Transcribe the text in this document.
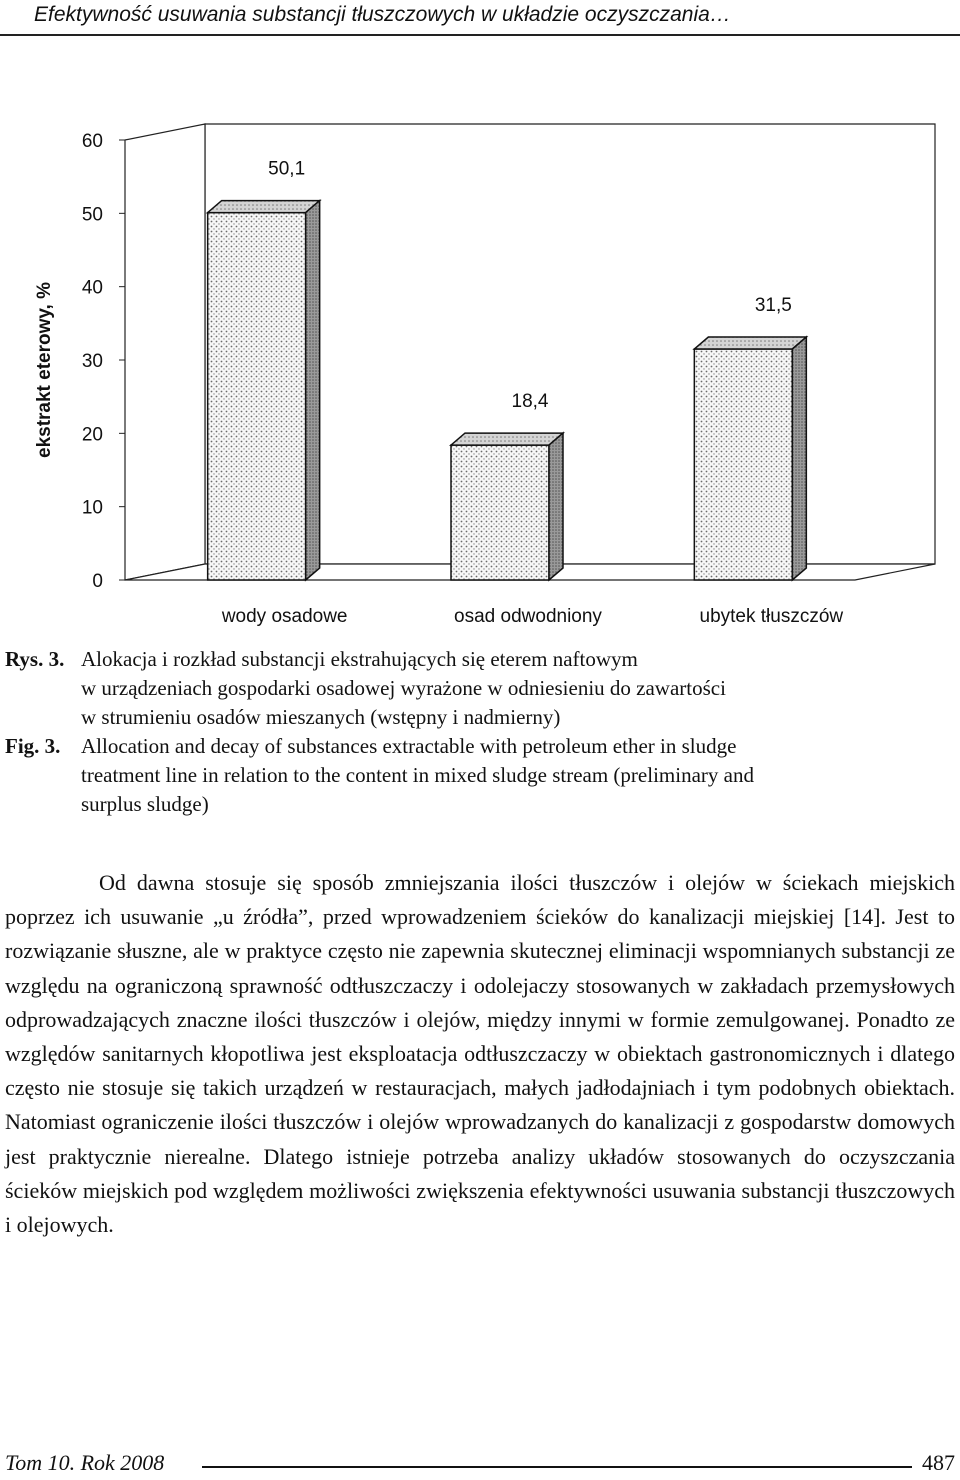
Efektywność usuwania substancji tłuszczowych w układzie oczyszczania…
0
10
20
30
40
50
60
50,1
wody osadowe
18,4
osad odwodniony
31,5
ubytek tłuszczów
ekstrakt eterowy, %
Rys. 3. Alokacja i rozkład substancji ekstrahujących się eterem naftowym
w urządzeniach gospodarki osadowej wyrażone w odniesieniu do zawartości
w strumieniu osadów mieszanych (wstępny i nadmierny)
Fig. 3. Allocation and decay of substances extractable with petroleum ether in sludge
treatment line in relation to the content in mixed sludge stream (preliminary and
surplus sludge)

Od dawna stosuje się sposób zmniejszania ilości tłuszczów i olejów w ściekach miejskich poprzez ich usuwanie „u źródła”, przed wprowadzeniem ścieków do kanalizacji miejskiej [14]. Jest to rozwiązanie słuszne, ale w praktyce często nie zapewnia skutecznej eliminacji wspomnianych substancji ze względu na ograniczoną sprawność odtłuszczaczy i odolejaczy stosowanych w zakładach przemysłowych odprowadzających znaczne ilości tłuszczów i olejów, między innymi w formie zemulgowanej. Ponadto ze względów sanitarnych kłopotliwa jest eksploatacja odtłuszczaczy w obiektach gastronomicznych i dlatego często nie stosuje się takich urządzeń w restauracjach, małych jadłodajniach i tym podobnych obiektach. Natomiast ograniczenie ilości tłuszczów i olejów wprowadzanych do kanalizacji z gospodarstw domowych jest praktycznie nierealne. Dlatego istnieje potrzeba analizy układów stosowanych do oczyszczania ścieków miejskich pod względem możliwości zwiększenia efektywności usuwania substancji tłuszczowych i olejowych.

Tom 10. Rok 2008	487
